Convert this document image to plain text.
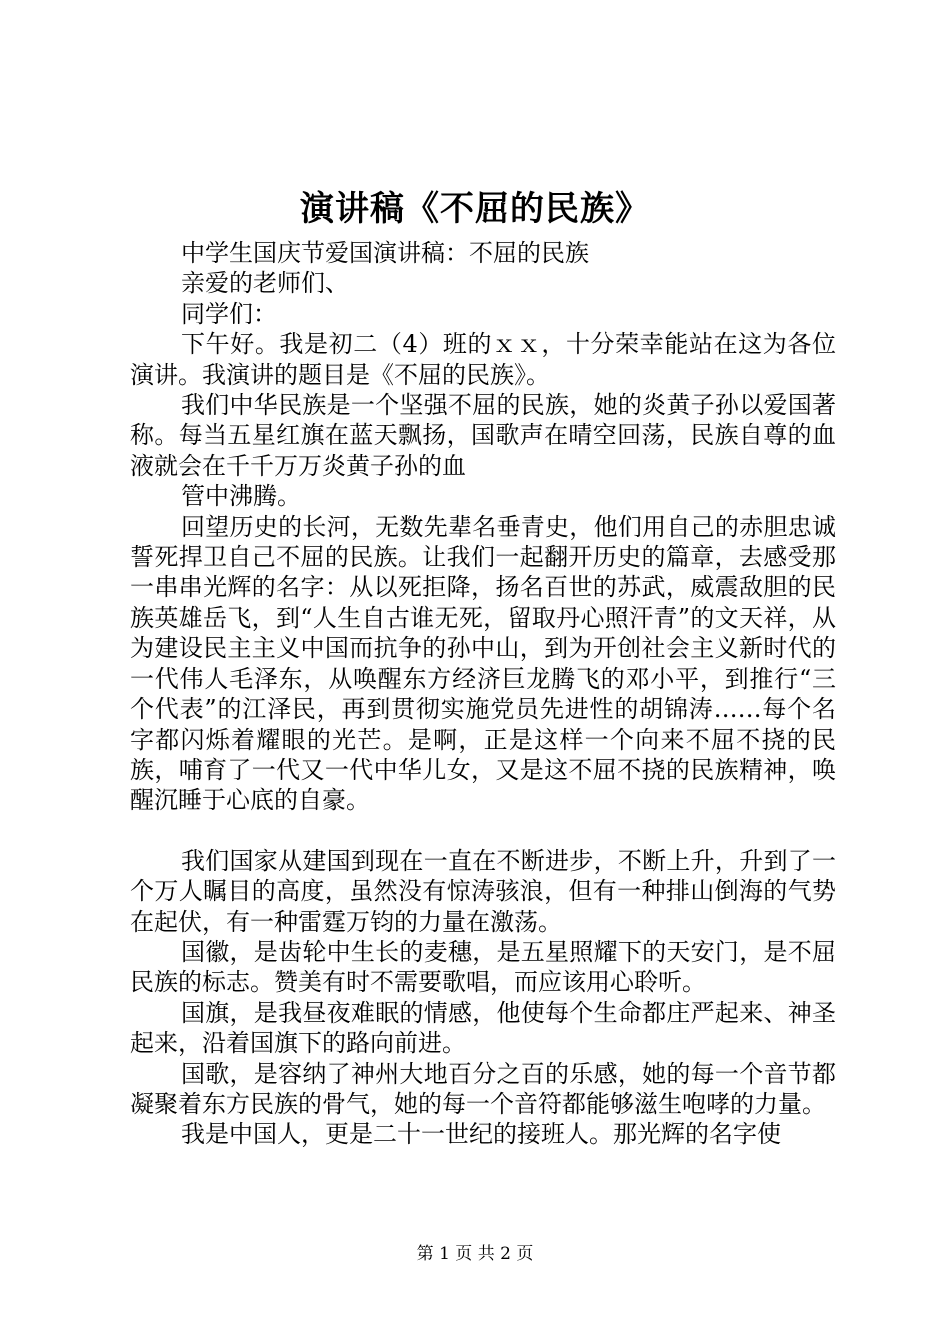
演讲稿《不屈的民族》

中学生国庆节爱国演讲稿：不屈的民族

亲爱的老师们、

同学们：

下午好。我是初二（4）班的ｘｘ，十分荣幸能站在这为各位演讲。我演讲的题目是《不屈的民族》。

我们中华民族是一个坚强不屈的民族，她的炎黄子孙以爱国著称。每当五星红旗在蓝天飘扬，国歌声在晴空回荡，民族自尊的血液就会在千千万万炎黄子孙的血

管中沸腾。

回望历史的长河，无数先辈名垂青史，他们用自己的赤胆忠诚誓死捍卫自己不屈的民族。让我们一起翻开历史的篇章，去感受那一串串光辉的名字：从以死拒降，扬名百世的苏武，威震敌胆的民族英雄岳飞，到“人生自古谁无死，留取丹心照汗青”的文天祥，从为建设民主主义中国而抗争的孙中山，到为开创社会主义新时代的一代伟人毛泽东，从唤醒东方经济巨龙腾飞的邓小平，到推行“三个代表”的江泽民，再到贯彻实施党员先进性的胡锦涛……每个名字都闪烁着耀眼的光芒。是啊，正是这样一个向来不屈不挠的民族，哺育了一代又一代中华儿女，又是这不屈不挠的民族精神，唤醒沉睡于心底的自豪。

我们国家从建国到现在一直在不断进步，不断上升，升到了一个万人瞩目的高度，虽然没有惊涛骇浪，但有一种排山倒海的气势在起伏，有一种雷霆万钧的力量在激荡。

国徽，是齿轮中生长的麦穗，是五星照耀下的天安门，是不屈民族的标志。赞美有时不需要歌唱，而应该用心聆听。

国旗，是我昼夜难眠的情感，他使每个生命都庄严起来、神圣起来，沿着国旗下的路向前进。

国歌，是容纳了神州大地百分之百的乐感，她的每一个音节都凝聚着东方民族的骨气，她的每一个音符都能够滋生咆哮的力量。

我是中国人，更是二十一世纪的接班人。那光辉的名字使

第 1 页 共 2 页
